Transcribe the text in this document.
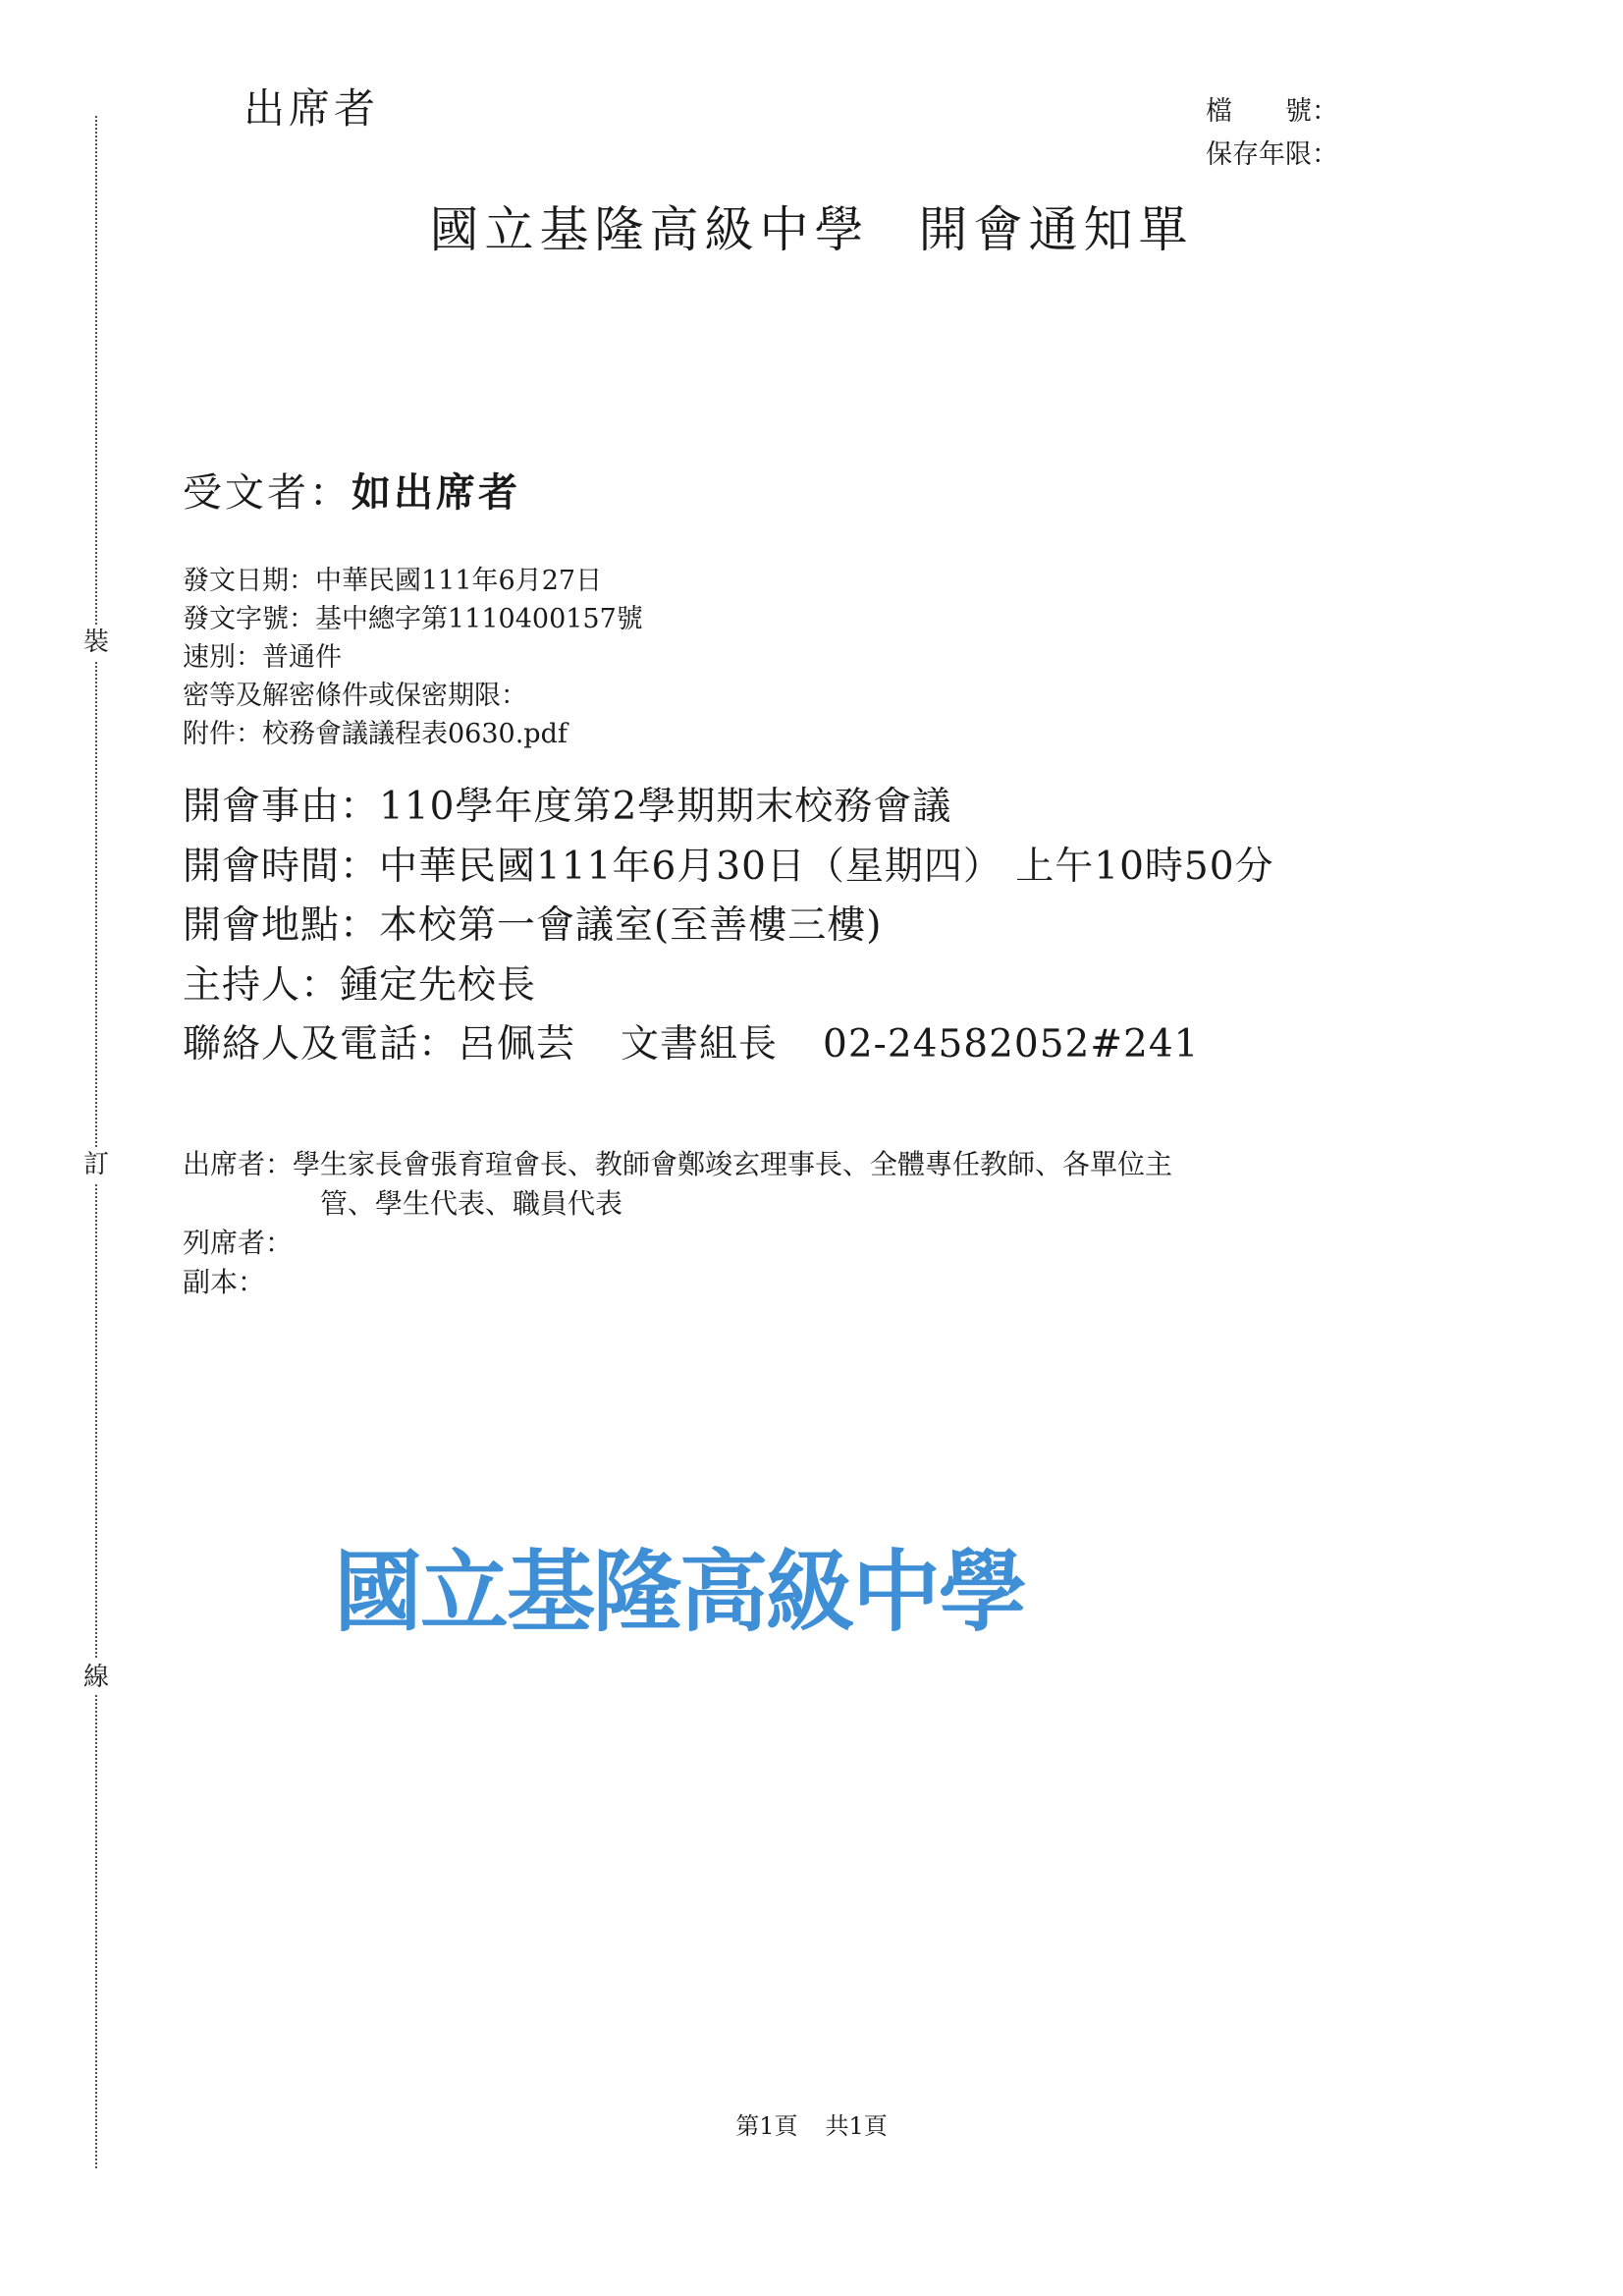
裝
訂
線
出席者	檔　　號：
保存年限：
國立基隆高級中學 開會通知單
受文者：如出席者
發文日期：中華民國111年6月27日
發文字號：基中總字第1110400157號
速別：普通件
密等及解密條件或保密期限：
附件：校務會議議程表0630.pdf
開會事由：110學年度第2學期期末校務會議
開會時間：中華民國111年6月30日（星期四） 上午10時50分
開會地點：本校第一會議室(至善樓三樓)
主持人：鍾定先校長
聯絡人及電話：呂佩芸 文書組長 02-24582052#241
出席者：學生家長會張育瑄會長、教師會鄭竣玄理事長、全體專任教師、各單位主
管、學生代表、職員代表
列席者：
副本：
國立基隆高級中學
第1頁 共1頁
